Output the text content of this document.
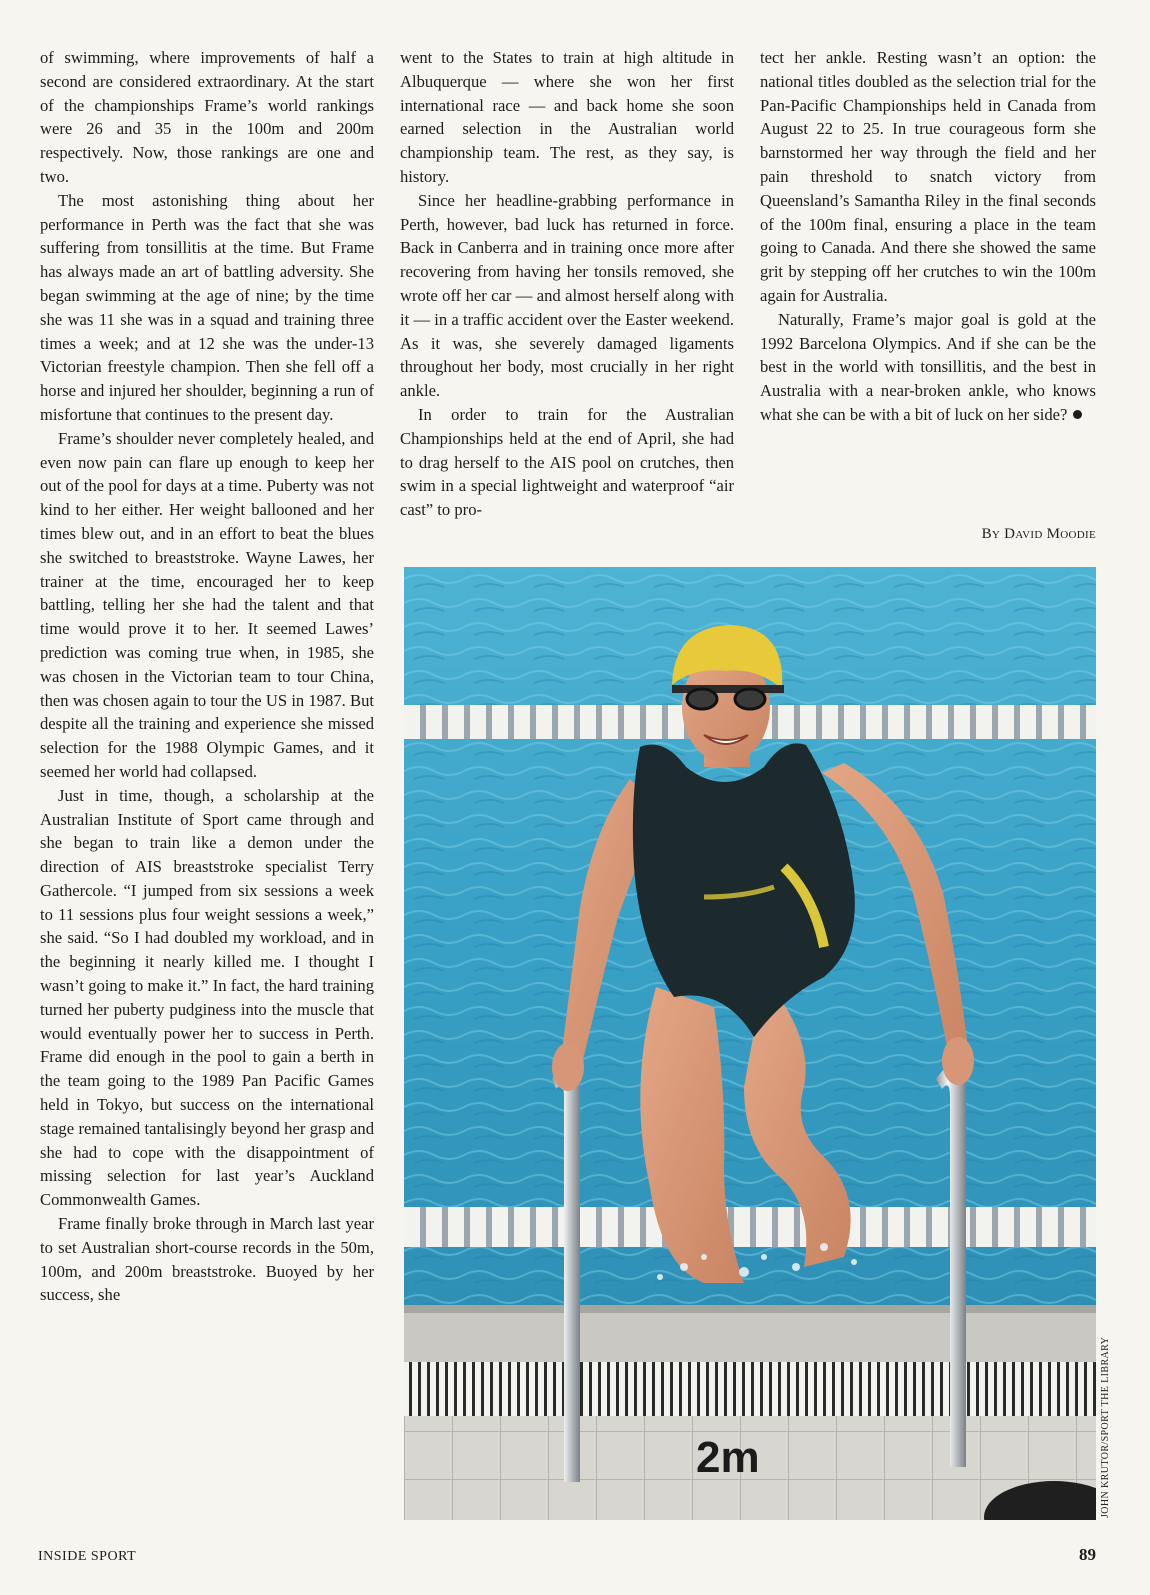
of swimming, where improvements of half a second are considered extraordinary. At the start of the championships Frame’s world rankings were 26 and 35 in the 100m and 200m respectively. Now, those rankings are one and two.

The most astonishing thing about her performance in Perth was the fact that she was suffering from tonsillitis at the time. But Frame has always made an art of battling adversity. She began swimming at the age of nine; by the time she was 11 she was in a squad and training three times a week; and at 12 she was the under-13 Victorian freestyle champion. Then she fell off a horse and injured her shoulder, beginning a run of misfortune that continues to the present day.

Frame’s shoulder never completely healed, and even now pain can flare up enough to keep her out of the pool for days at a time. Puberty was not kind to her either. Her weight ballooned and her times blew out, and in an effort to beat the blues she switched to breaststroke. Wayne Lawes, her trainer at the time, encouraged her to keep battling, telling her she had the talent and that time would prove it to her. It seemed Lawes’ prediction was coming true when, in 1985, she was chosen in the Victorian team to tour China, then was chosen again to tour the US in 1987. But despite all the training and experience she missed selection for the 1988 Olympic Games, and it seemed her world had collapsed.

Just in time, though, a scholarship at the Australian Institute of Sport came through and she began to train like a demon under the direction of AIS breaststroke specialist Terry Gathercole. “I jumped from six sessions a week to 11 sessions plus four weight sessions a week,” she said. “So I had doubled my workload, and in the beginning it nearly killed me. I thought I wasn’t going to make it.” In fact, the hard training turned her puberty pudginess into the muscle that would eventually power her to success in Perth. Frame did enough in the pool to gain a berth in the team going to the 1989 Pan Pacific Games held in Tokyo, but success on the international stage remained tantalisingly beyond her grasp and she had to cope with the disappointment of missing selection for last year’s Auckland Commonwealth Games.

Frame finally broke through in March last year to set Australian short-course records in the 50m, 100m, and 200m breaststroke. Buoyed by her success, she

went to the States to train at high altitude in Albuquerque — where she won her first international race — and back home she soon earned selection in the Australian world championship team. The rest, as they say, is history.

Since her headline-grabbing performance in Perth, however, bad luck has returned in force. Back in Canberra and in training once more after recovering from having her tonsils removed, she wrote off her car — and almost herself along with it — in a traffic accident over the Easter weekend. As it was, she severely damaged ligaments throughout her body, most crucially in her right ankle.

In order to train for the Australian Championships held at the end of April, she had to drag herself to the AIS pool on crutches, then swim in a special lightweight and waterproof “air cast” to pro-

tect her ankle. Resting wasn’t an option: the national titles doubled as the selection trial for the Pan-Pacific Championships held in Canada from August 22 to 25. In true courageous form she barnstormed her way through the field and her pain threshold to snatch victory from Queensland’s Samantha Riley in the final seconds of the 100m final, ensuring a place in the team going to Canada. And there she showed the same grit by stepping off her crutches to win the 100m again for Australia.

Naturally, Frame’s major goal is gold at the 1992 Barcelona Olympics. And if she can be the best in the world with tonsillitis, and the best in Australia with a near-broken ankle, who knows what she can be with a bit of luck on her side?

By David Moodie
2m	JOHN KRUTOR/SPORT THE LIBRARY
INSIDE SPORT	89
